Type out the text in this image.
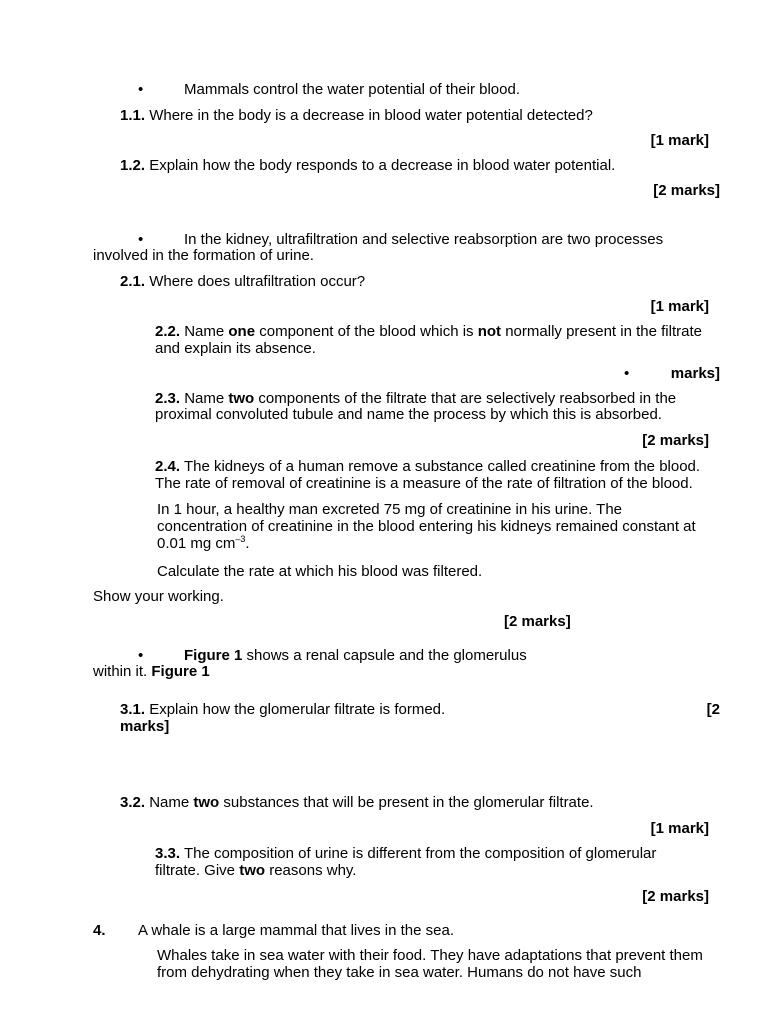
•	Mammals control the water potential of their blood.
1.1. Where in the body is a decrease in blood water potential detected?
[1 mark]
1.2. Explain how the body responds to a decrease in blood water potential.
[2 marks]
•	In the kidney, ultrafiltration and selective reabsorption are two processes
involved in the formation of urine.
2.1. Where does ultrafiltration occur?
[1 mark]
2.2. Name one component of the blood which is not normally present in the filtrate
and explain its absence.
•	marks]
2.3. Name two components of the filtrate that are selectively reabsorbed in the
proximal convoluted tubule and name the process by which this is absorbed.
[2 marks]
2.4. The kidneys of a human remove a substance called creatinine from the blood.
The rate of removal of creatinine is a measure of the rate of filtration of the blood.
In 1 hour, a healthy man excreted 75 mg of creatinine in his urine. The
concentration of creatinine in the blood entering his kidneys remained constant at
0.01 mg $cm^{-3}$.
Calculate the rate at which his blood was filtered.
Show your working.
[2 marks]
•	Figure 1 shows a renal capsule and the glomerulus
within it. Figure 1
3.1. Explain how the glomerular filtrate is formed.	[2
marks]
3.2. Name two substances that will be present in the glomerular filtrate.
[1 mark]
3.3. The composition of urine is different from the composition of glomerular
filtrate. Give two reasons why.
[2 marks]
4. A whale is a large mammal that lives in the sea.
Whales take in sea water with their food. They have adaptations that prevent them
from dehydrating when they take in sea water. Humans do not have such
